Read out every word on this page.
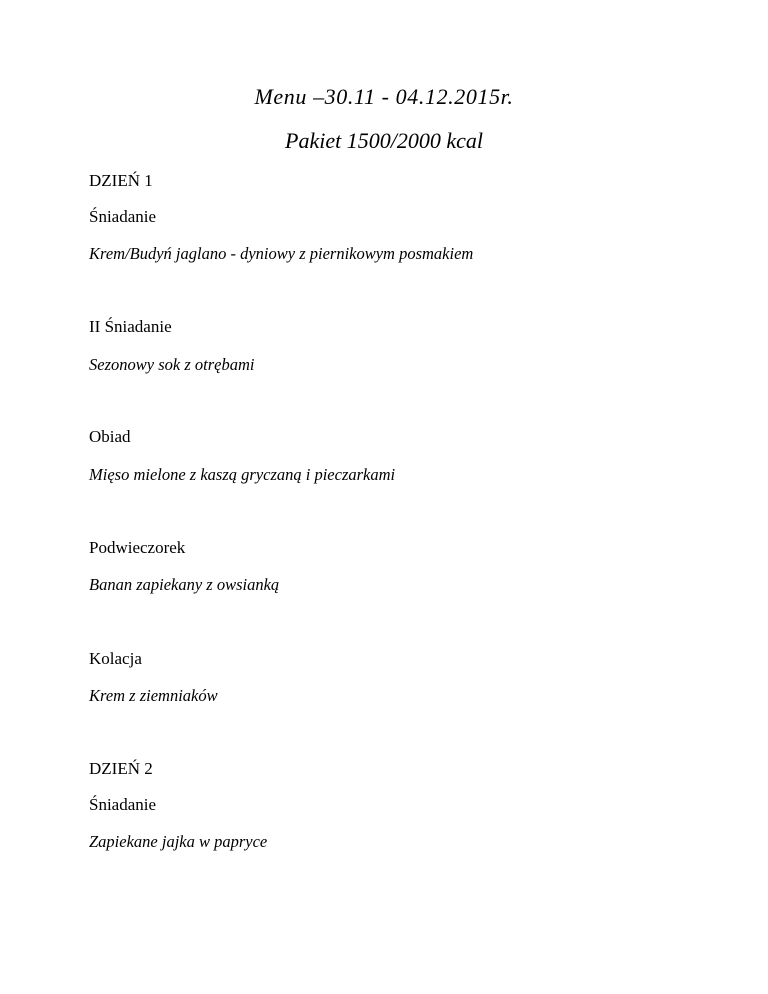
Menu –30.11 - 04.12.2015r.
Pakiet 1500/2000 kcal
DZIEŃ 1
Śniadanie
Krem/Budyń jaglano - dyniowy z piernikowym posmakiem
II Śniadanie
Sezonowy sok z otrębami
Obiad
Mięso mielone z kaszą gryczaną i pieczarkami
Podwieczorek
Banan zapiekany z owsianką
Kolacja
Krem z ziemniaków
DZIEŃ 2
Śniadanie
Zapiekane jajka w papryce
